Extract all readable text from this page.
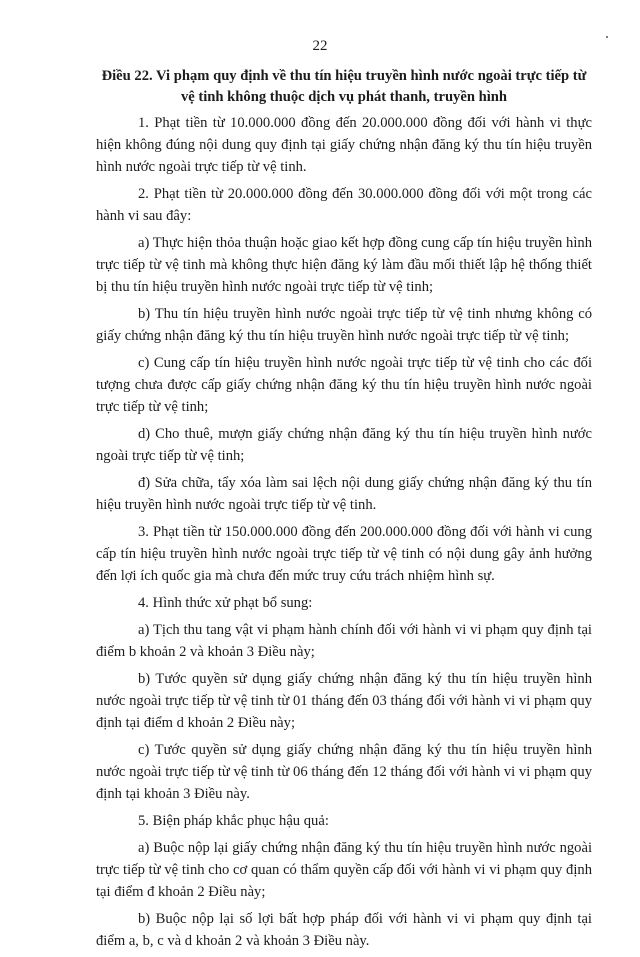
22
Điều 22. Vi phạm quy định về thu tín hiệu truyền hình nước ngoài trực tiếp từ vệ tinh không thuộc dịch vụ phát thanh, truyền hình

1. Phạt tiền từ 10.000.000 đồng đến 20.000.000 đồng đối với hành vi thực hiện không đúng nội dung quy định tại giấy chứng nhận đăng ký thu tín hiệu truyền hình nước ngoài trực tiếp từ vệ tinh.

2. Phạt tiền từ 20.000.000 đồng đến 30.000.000 đồng đối với một trong các hành vi sau đây:

a) Thực hiện thỏa thuận hoặc giao kết hợp đồng cung cấp tín hiệu truyền hình trực tiếp từ vệ tinh mà không thực hiện đăng ký làm đầu mối thiết lập hệ thống thiết bị thu tín hiệu truyền hình nước ngoài trực tiếp từ vệ tinh;

b) Thu tín hiệu truyền hình nước ngoài trực tiếp từ vệ tinh nhưng không có giấy chứng nhận đăng ký thu tín hiệu truyền hình nước ngoài trực tiếp từ vệ tinh;

c) Cung cấp tín hiệu truyền hình nước ngoài trực tiếp từ vệ tinh cho các đối tượng chưa được cấp giấy chứng nhận đăng ký thu tín hiệu truyền hình nước ngoài trực tiếp từ vệ tinh;

d) Cho thuê, mượn giấy chứng nhận đăng ký thu tín hiệu truyền hình nước ngoài trực tiếp từ vệ tinh;

đ) Sửa chữa, tẩy xóa làm sai lệch nội dung giấy chứng nhận đăng ký thu tín hiệu truyền hình nước ngoài trực tiếp từ vệ tinh.

3. Phạt tiền từ 150.000.000 đồng đến 200.000.000 đồng đối với hành vi cung cấp tín hiệu truyền hình nước ngoài trực tiếp từ vệ tinh có nội dung gây ảnh hưởng đến lợi ích quốc gia mà chưa đến mức truy cứu trách nhiệm hình sự.

4. Hình thức xử phạt bổ sung:

a) Tịch thu tang vật vi phạm hành chính đối với hành vi vi phạm quy định tại điểm b khoản 2 và khoản 3 Điều này;

b) Tước quyền sử dụng giấy chứng nhận đăng ký thu tín hiệu truyền hình nước ngoài trực tiếp từ vệ tinh từ 01 tháng đến 03 tháng đối với hành vi vi phạm quy định tại điểm d khoản 2 Điều này;

c) Tước quyền sử dụng giấy chứng nhận đăng ký thu tín hiệu truyền hình nước ngoài trực tiếp từ vệ tinh từ 06 tháng đến 12 tháng đối với hành vi vi phạm quy định tại khoản 3 Điều này.

5. Biện pháp khắc phục hậu quả:

a) Buộc nộp lại giấy chứng nhận đăng ký thu tín hiệu truyền hình nước ngoài trực tiếp từ vệ tinh cho cơ quan có thẩm quyền cấp đối với hành vi vi phạm quy định tại điểm đ khoản 2 Điều này;

b) Buộc nộp lại số lợi bất hợp pháp đối với hành vi vi phạm quy định tại điểm a, b, c và d khoản 2 và khoản 3 Điều này.
